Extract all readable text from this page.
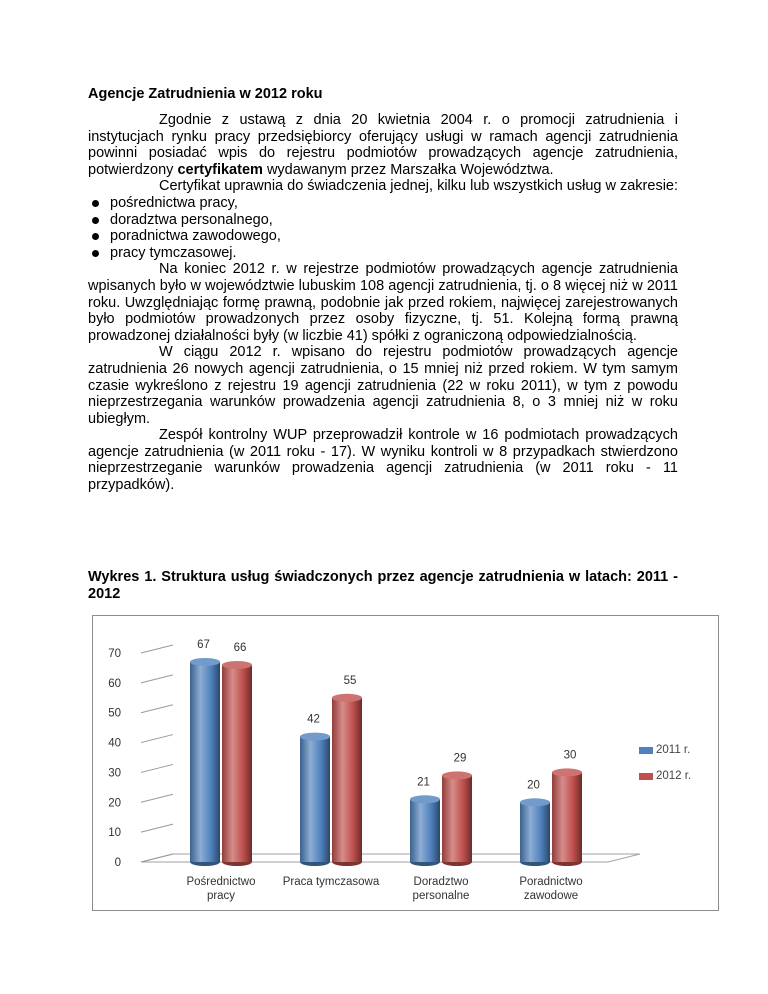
Agencje Zatrudnienia w 2012 roku

Zgodnie z ustawą z dnia 20 kwietnia 2004 r. o promocji zatrudnienia i instytucjach rynku pracy przedsiębiorcy oferujący usługi w ramach agencji zatrudnienia powinni posiadać wpis do rejestru podmiotów prowadzących agencje zatrudnienia, potwierdzony certyfikatem wydawanym przez Marszałka Województwa.

Certyfikat uprawnia do świadczenia jednej, kilku lub wszystkich usług w zakresie:

pośrednictwa pracy,
doradztwa personalnego,
poradnictwa zawodowego,
pracy tymczasowej.

Na koniec 2012 r. w rejestrze podmiotów prowadzących agencje zatrudnienia wpisanych było w województwie lubuskim 108 agencji zatrudnienia, tj. o 8 więcej niż w 2011 roku. Uwzględniając formę prawną, podobnie jak przed rokiem, najwięcej zarejestrowanych było podmiotów prowadzonych przez osoby fizyczne, tj. 51. Kolejną formą prawną prowadzonej działalności były (w liczbie 41) spółki z ograniczoną odpowiedzialnością.

W ciągu 2012 r. wpisano do rejestru podmiotów prowadzących agencje zatrudnienia 26 nowych agencji zatrudnienia, o 15 mniej niż przed rokiem. W tym samym czasie wykreślono z rejestru 19 agencji zatrudnienia (22 w roku 2011), w tym z powodu nieprzestrzegania warunków prowadzenia agencji zatrudnienia 8, o 3 mniej niż w roku ubiegłym.

Zespół kontrolny WUP przeprowadził kontrole w 16 podmiotach prowadzących agencje zatrudnienia (w 2011 roku - 17). W wyniku kontroli w 8 przypadkach stwierdzono nieprzestrzeganie warunków prowadzenia agencji zatrudnienia (w 2011 roku - 11 przypadków).

Wykres 1. Struktura usług świadczonych przez agencje zatrudnienia w latach: 2011 - 2012
0
10
20
30
40
50
60
70
67 66
Pośrednictwo
pracy
42
55
Praca tymczasowa
21
29
Doradztwo
personalne
20
30
Poradnictwo
zawodowe
2011 r.
2012 r.
